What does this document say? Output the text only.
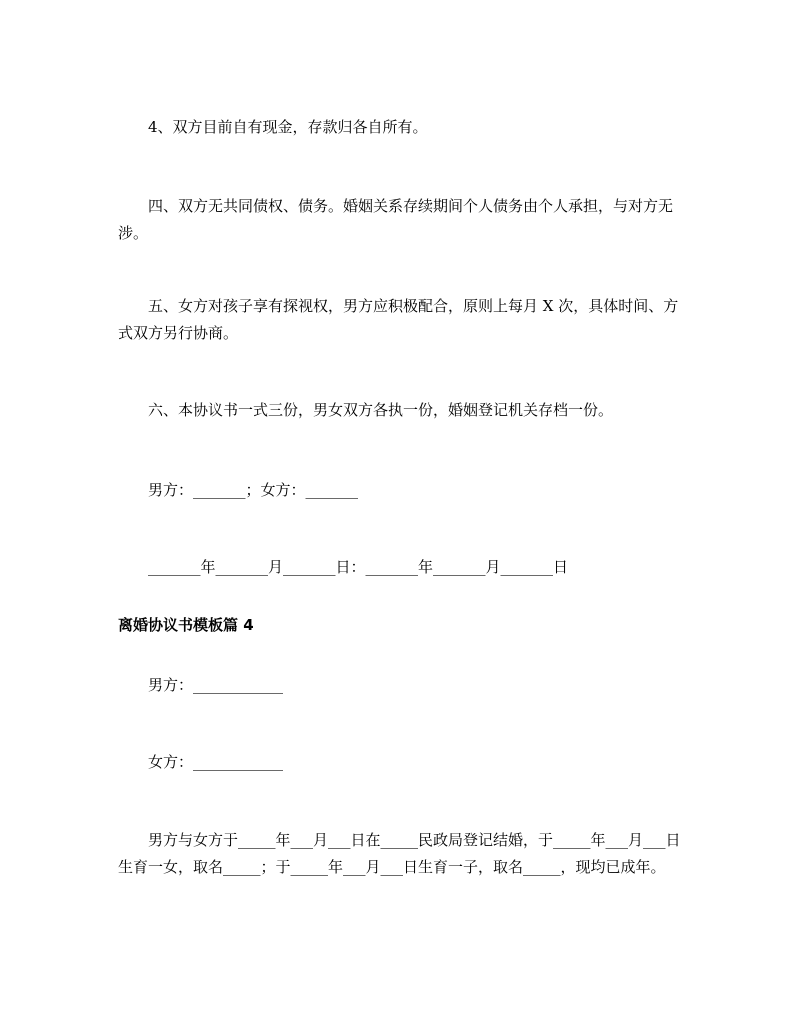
4、双方目前自有现金，存款归各自所有。

四、双方无共同债权、债务。婚姻关系存续期间个人债务由个人承担，与对方无涉。

五、女方对孩子享有探视权，男方应积极配合，原则上每月 X 次，具体时间、方式双方另行协商。

六、本协议书一式三份，男女双方各执一份，婚姻登记机关存档一份。

男方：_______；女方：_______

_______年_______月_______日：_______年_______月_______日

离婚协议书模板篇 4

男方：____________

女方：____________

男方与女方于_____年___月___日在_____民政局登记结婚，于_____年___月___日生育一女，取名_____；于_____年___月___日生育一子，取名_____，现均已成年。
